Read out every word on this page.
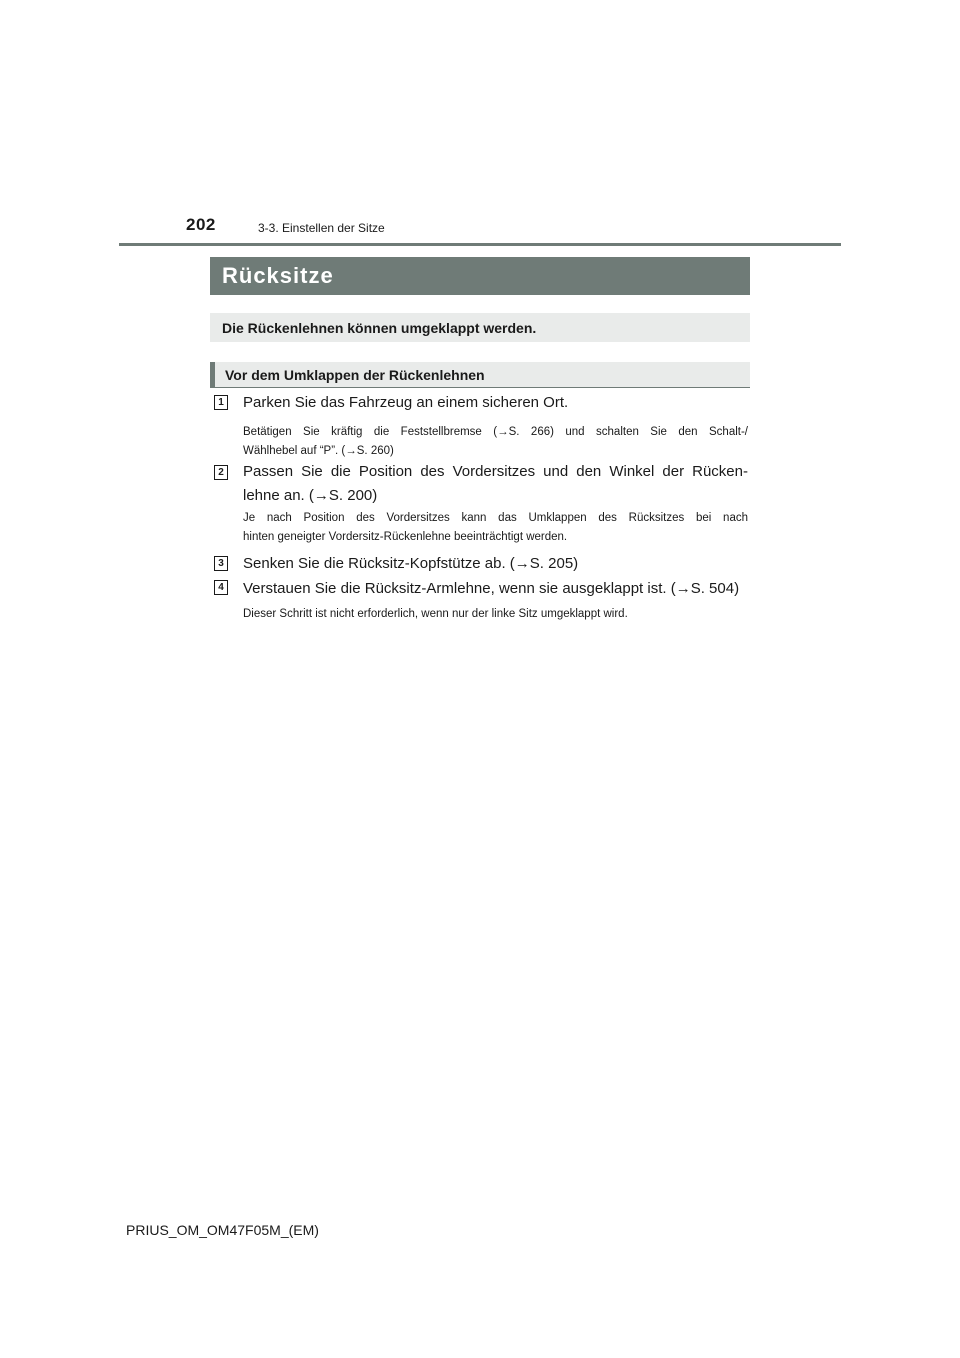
202	3-3. Einstellen der Sitze
Rücksitze
Die Rückenlehnen können umgeklappt werden.
Vor dem Umklappen der Rückenlehnen
1 Parken Sie das Fahrzeug an einem sicheren Ort.
Betätigen Sie kräftig die Feststellbremse (→S. 266) und schalten Sie den Schalt-/
Wählhebel auf “P”. (→S. 260)
2 Passen Sie die Position des Vordersitzes und den Winkel der Rücken-
lehne an. (→S. 200)
Je nach Position des Vordersitzes kann das Umklappen des Rücksitzes bei nach
hinten geneigter Vordersitz-Rückenlehne beeinträchtigt werden.
3 Senken Sie die Rücksitz-Kopfstütze ab. (→S. 205)
4 Verstauen Sie die Rücksitz-Armlehne, wenn sie ausgeklappt ist. (→S. 504)
Dieser Schritt ist nicht erforderlich, wenn nur der linke Sitz umgeklappt wird.
PRIUS_OM_OM47F05M_(EM)
